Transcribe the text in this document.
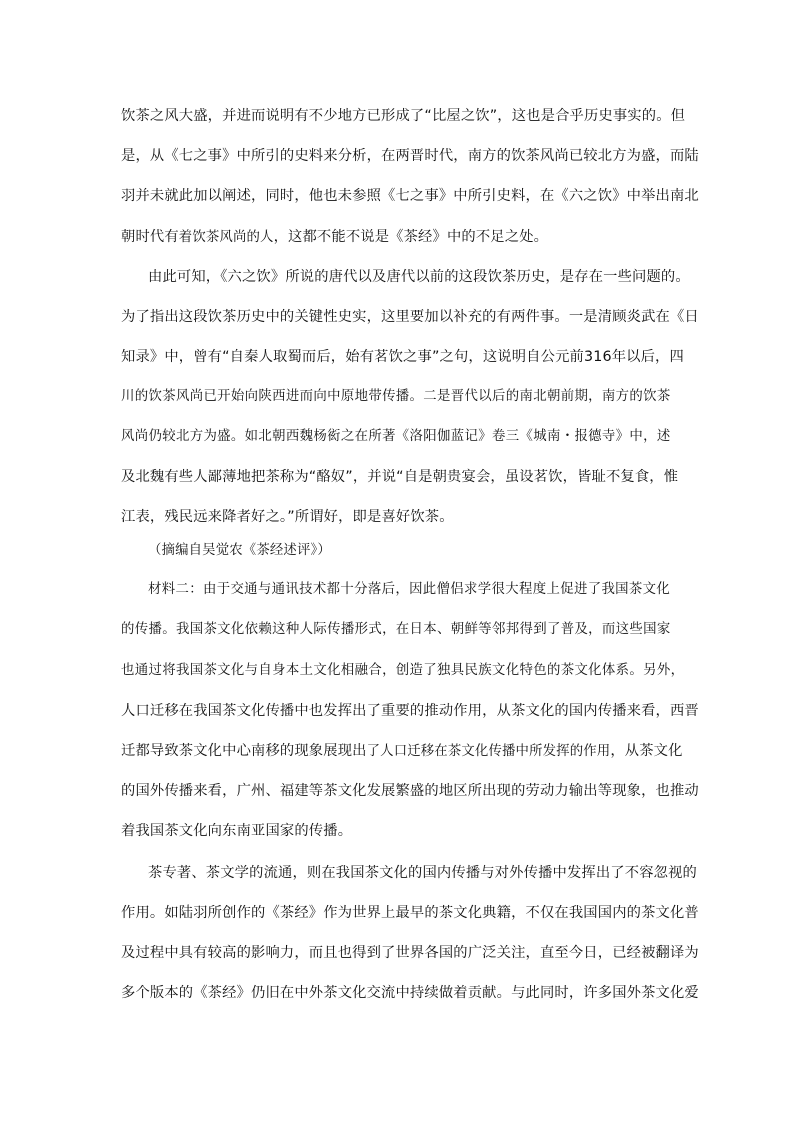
饮茶之风大盛，并进而说明有不少地方已形成了“比屋之饮”，这也是合乎历史事实的。但
是，从《七之事》中所引的史料来分析，在两晋时代，南方的饮茶风尚已较北方为盛，而陆
羽并未就此加以阐述，同时，他也未参照《七之事》中所引史料，在《六之饮》中举出南北
朝时代有着饮茶风尚的人，这都不能不说是《茶经》中的不足之处。
由此可知，《六之饮》所说的唐代以及唐代以前的这段饮茶历史，是存在一些问题的。
为了指出这段饮茶历史中的关键性史实，这里要加以补充的有两件事。一是清顾炎武在《日
知录》中，曾有“自秦人取蜀而后，始有茗饮之事”之句，这说明自公元前316年以后，四
川的饮茶风尚已开始向陕西进而向中原地带传播。二是晋代以后的南北朝前期，南方的饮茶
风尚仍较北方为盛。如北朝西魏杨衒之在所著《洛阳伽蓝记》卷三《城南・报德寺》中，述
及北魏有些人鄙薄地把茶称为“酪奴”，并说“自是朝贵宴会，虽设茗饮，皆耻不复食，惟
江表，残民远来降者好之。”所谓好，即是喜好饮茶。
（摘编自吴觉农《茶经述评》）
材料二：由于交通与通讯技术都十分落后，因此僧侣求学很大程度上促进了我国茶文化
的传播。我国茶文化依赖这种人际传播形式，在日本、朝鲜等邻邦得到了普及，而这些国家
也通过将我国茶文化与自身本土文化相融合，创造了独具民族文化特色的茶文化体系。另外，
人口迁移在我国茶文化传播中也发挥出了重要的推动作用，从茶文化的国内传播来看，西晋
迁都导致茶文化中心南移的现象展现出了人口迁移在茶文化传播中所发挥的作用，从茶文化
的国外传播来看，广州、福建等茶文化发展繁盛的地区所出现的劳动力输出等现象，也推动
着我国茶文化向东南亚国家的传播。
茶专著、茶文学的流通，则在我国茶文化的国内传播与对外传播中发挥出了不容忽视的
作用。如陆羽所创作的《茶经》作为世界上最早的茶文化典籍，不仅在我国国内的茶文化普
及过程中具有较高的影响力，而且也得到了世界各国的广泛关注，直至今日，已经被翻译为
多个版本的《茶经》仍旧在中外茶文化交流中持续做着贡献。与此同时，许多国外茶文化爱
